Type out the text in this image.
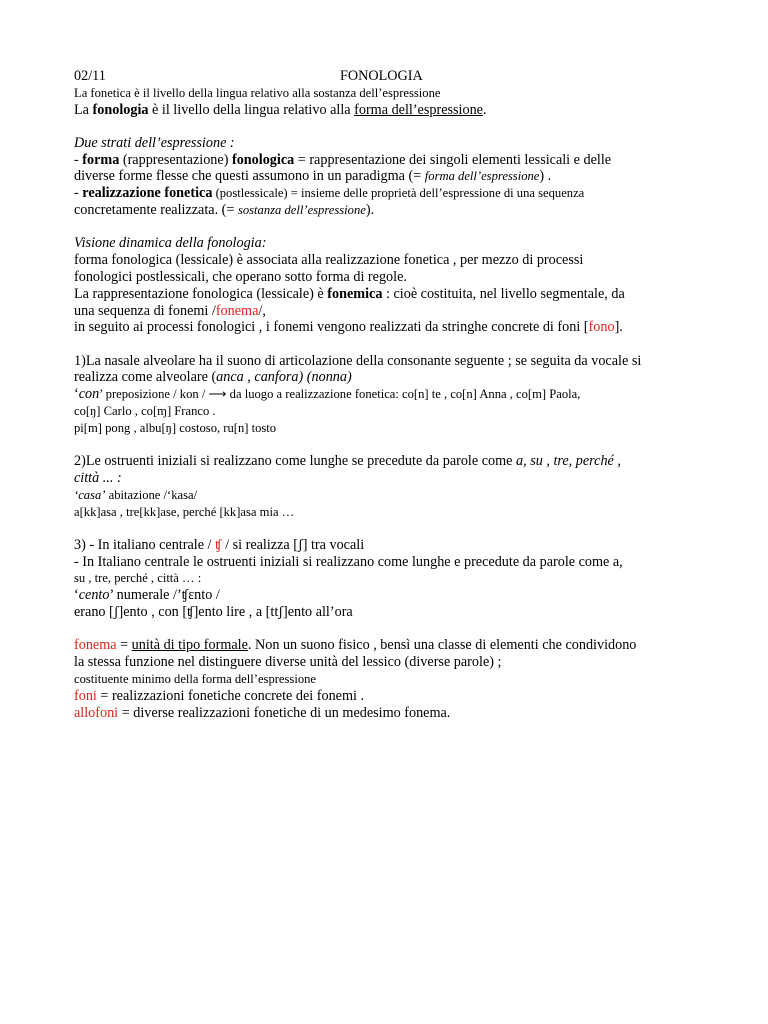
02/11	FONOLOGIA
La fonetica è il livello della lingua relativo alla sostanza dell’espressione
La fonologia è il livello della lingua relativo alla forma dell’espressione.
Due strati dell’espressione :
- forma (rappresentazione) fonologica = rappresentazione dei singoli elementi lessicali e delle
diverse forme flesse che questi assumono in un paradigma (= forma dell’espressione) .
- realizzazione fonetica (postlessicale) = insieme delle proprietà dell’espressione di una sequenza
concretamente realizzata. (= sostanza dell’espressione).
Visione dinamica della fonologia:
forma fonologica (lessicale) è associata alla realizzazione fonetica , per mezzo di processi
fonologici postlessicali, che operano sotto forma di regole.
La rappresentazione fonologica (lessicale) è fonemica : cioè costituita, nel livello segmentale, da
una sequenza di fonemi /fonema/,
in seguito ai processi fonologici , i fonemi vengono realizzati da stringhe concrete di foni [fono].
1)La nasale alveolare ha il suono di articolazione della consonante seguente ; se seguita da vocale si
realizza come alveolare (anca , canfora) (nonna)
‘con’ preposizione / kon / ⟶ da luogo a realizzazione fonetica: co[n] te , co[n] Anna , co[m] Paola,
co[ŋ] Carlo , co[ɱ] Franco .
pi[m] pong , albu[ŋ] costoso, ru[n] tosto
2)Le ostruenti iniziali si realizzano come lunghe se precedute da parole come a, su , tre, perché ,
città ... :
‘casa’ abitazione /‘kasa/
a[kk]asa , tre[kk]ase, perché [kk]asa mia …
3) - In italiano centrale / ʧ / si realizza [ʃ] tra vocali
- In Italiano centrale le ostruenti iniziali si realizzano come lunghe e precedute da parole come a,
su , tre, perché , città … :
‘cento’ numerale /’ʧɛnto /
erano [ʃ]ento , con [ʧ]ento lire , a [ttʃ]ento all’ora
fonema = unità di tipo formale. Non un suono fisico , bensì una classe di elementi che condividono
la stessa funzione nel distinguere diverse unità del lessico (diverse parole) ;
costituente minimo della forma dell’espressione
foni = realizzazioni fonetiche concrete dei fonemi .
allofoni = diverse realizzazioni fonetiche di un medesimo fonema.
